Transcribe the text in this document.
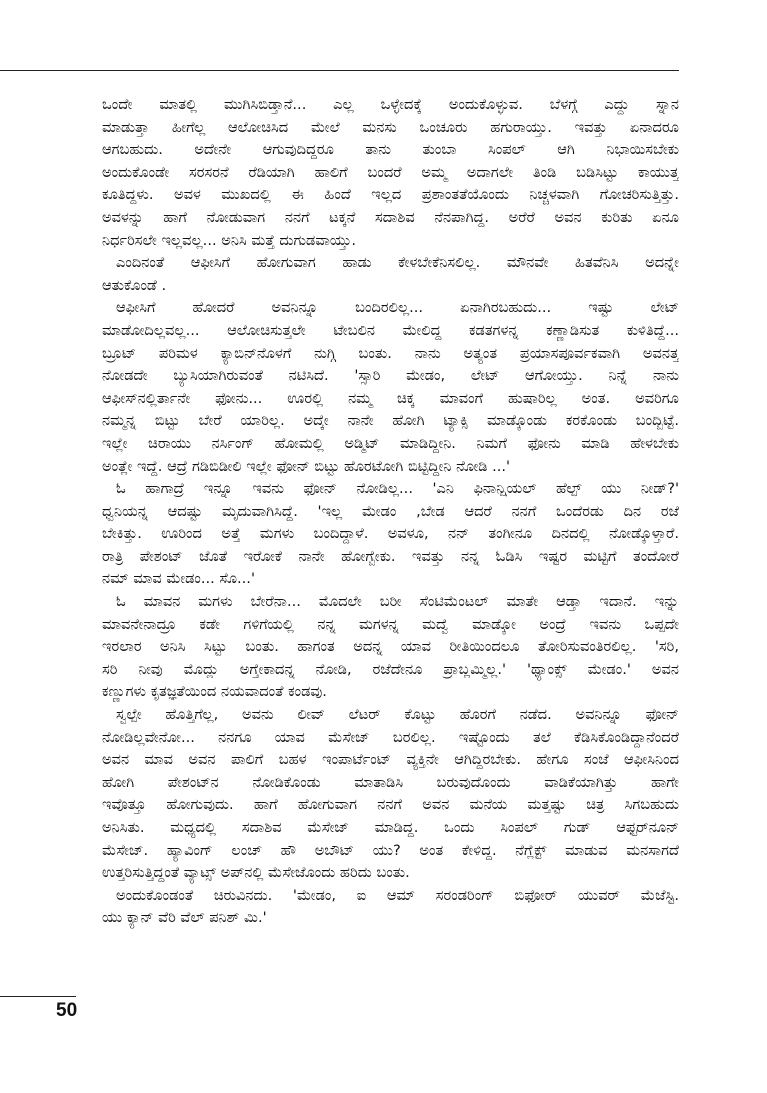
ಒಂದೇ ಮಾತಲ್ಲಿ ಮುಗಿಸಿಬಿಡ್ತಾನೆ... ಎಲ್ಲ ಒಳ್ಳೇದಕ್ಕೆ ಅಂದುಕೊಳ್ಳುವ. ಬೆಳಗ್ಗೆ ಎದ್ದು ಸ್ನಾನ
ಮಾಡುತ್ತಾ ಹೀಗೆಲ್ಲ ಆಲೋಚಿಸಿದ ಮೇಲೆ ಮನಸು ಒಂಚೂರು ಹಗುರಾಯ್ತು. ಇವತ್ತು ಏನಾದರೂ
ಆಗಬಹುದು. ಅದೇನೇ ಆಗುವುದಿದ್ದರೂ ತಾನು ತುಂಬಾ ಸಿಂಪಲ್ ಆಗಿ ನಿಭಾಯಿಸಬೇಕು
ಅಂದುಕೊಂಡೇ ಸರಸರನೆ ರೆಡಿಯಾಗಿ ಹಾಲಿಗೆ ಬಂದರೆ ಅಮ್ಮ ಅದಾಗಲೇ ತಿಂಡಿ ಬಡಿಸಿಟ್ಟು ಕಾಯುತ್ತ
ಕೂತಿದ್ದಳು. ಅವಳ ಮುಖದಲ್ಲಿ ಈ ಹಿಂದೆ ಇಲ್ಲದ ಪ್ರಶಾಂತತೆಯೊಂದು ನಿಚ್ಚಳವಾಗಿ ಗೋಚರಿಸುತ್ತಿತ್ತು.
ಅವಳನ್ನು ಹಾಗೆ ನೋಡುವಾಗ ನನಗೆ ಟಕ್ಕನೆ ಸದಾಶಿವ ನೆನಪಾಗಿದ್ದ. ಅರೆರೆ ಅವನ ಕುರಿತು ಏನೂ
ನಿರ್ಧರಿಸಲೇ ಇಲ್ಲವಲ್ಲ... ಅನಿಸಿ ಮತ್ತೆ ದುಗುಡವಾಯ್ತು.
ಎಂದಿನಂತೆ ಆಫೀಸಿಗೆ ಹೋಗುವಾಗ ಹಾಡು ಕೇಳಬೇಕೆನಿಸಲಿಲ್ಲ. ಮೌನವೇ ಹಿತವೆನಿಸಿ ಅದನ್ನೇ
ಆತುಕೊಂಡೆ .
ಆಫೀಸಿಗೆ ಹೋದರೆ ಅವನಿನ್ನೂ ಬಂದಿರಲಿಲ್ಲ... ಏನಾಗಿರಬಹುದು... ಇಷ್ಟು ಲೇಟ್
ಮಾಡೋದಿಲ್ಲವಲ್ಲ... ಆಲೋಚಿಸುತ್ತಲೇ ಟೇಬಲಿನ ಮೇಲಿದ್ದ ಕಡತಗಳನ್ನ ಕಣ್ಣಾಡಿಸುತ ಕುಳಿತಿದ್ದೆ...
ಬ್ರೂಟ್ ಪರಿಮಳ ಕ್ಯಾಬಿನ್‌ನೊಳಗೆ ನುಗ್ಗಿ ಬಂತು. ನಾನು ಅತ್ಯಂತ ಪ್ರಯಾಸಪೂರ್ವಕವಾಗಿ ಅವನತ್ತ
ನೋಡದೇ ಬ್ಯುಸಿಯಾಗಿರುವಂತೆ ನಟಿಸಿದೆ. 'ಸ್ಸಾರಿ ಮೇಡಂ, ಲೇಟ್ ಆಗೋಯ್ತು. ನಿನ್ನೆ ನಾನು
ಆಫೀಸ್‌ನಲ್ಲಿರ್ತಾನೇ ಫೋನು... ಊರಲ್ಲಿ ನಮ್ಮ ಚಿಕ್ಕ ಮಾವಂಗೆ ಹುಷಾರಿಲ್ಲ ಅಂತ. ಅವರಿಗೂ
ನಮ್ಮನ್ನ ಬಿಟ್ಟು ಬೇರೆ ಯಾರಿಲ್ಲ. ಅದ್ಕೇ ನಾನೇ ಹೋಗಿ ಟ್ಯಾಕ್ಸಿ ಮಾಡ್ಕೊಂಡು ಕರಕೊಂಡು ಬಂದ್ಬಿಟ್ಟೆ.
ಇಲ್ಲೇ ಚಿರಾಯು ನರ್ಸಿಂಗ್ ಹೋಮಲ್ಲಿ ಅಡ್ಮಿಟ್ ಮಾಡಿದ್ದೀನಿ. ನಿಮಗೆ ಫೋನು ಮಾಡಿ ಹೇಳಬೇಕು
ಅಂತ್ಲೇ ಇದ್ದೆ. ಆದ್ರೆ ಗಡಿಬಿಡೀಲಿ ಇಲ್ಲೇ ಫೋನ್ ಬಿಟ್ಟು ಹೊರಟೋಗಿ ಬಿಟ್ಟಿದ್ದೀನಿ ನೋಡಿ ...'
ಓ ಹಾಗಾದ್ರೆ ಇನ್ನೂ ಇವನು ಫೋನ್ ನೋಡಿಲ್ಲ... 'ಎನಿ ಫಿನಾನ್ಷಿಯಲ್ ಹೆಲ್ಪ್ ಯು ನೀಡ್?'
ಧ್ವನಿಯನ್ನ ಆದಷ್ಟು ಮೃದುವಾಗಿಸಿದ್ದೆ. 'ಇಲ್ಲ ಮೇಡಂ ,ಬೇಡ ಆದರೆ ನನಗೆ ಒಂದೆರಡು ದಿನ ರಜೆ
ಬೇಕಿತ್ತು. ಊರಿಂದ ಅತ್ತೆ ಮಗಳು ಬಂದಿದ್ದಾಳೆ. ಅವಳೂ, ನನ್ ತಂಗೀನೂ ದಿನದಲ್ಲಿ ನೋಡ್ಕೊಳ್ತಾರೆ.
ರಾತ್ರಿ ಪೇಶಂಟ್ ಜೊತೆ ಇರೋಕೆ ನಾನೇ ಹೋಗ್ಬೇಕು. ಇವತ್ತು ನನ್ನ ಓಡಿಸಿ ಇಷ್ಟರ ಮಟ್ಟಿಗೆ ತಂದೋರೆ
ನಮ್ ಮಾವ ಮೇಡಂ... ಸೊ...'
ಓ ಮಾವನ ಮಗಳು ಬೇರೆನಾ... ಮೊದಲೇ ಬರೀ ಸೆಂಟಿಮೆಂಟಲ್ ಮಾತೇ ಆಡ್ತಾ ಇದಾನೆ. ಇನ್ನು
ಮಾವನೇನಾದ್ರೂ ಕಡೇ ಗಳಿಗೆಯಲ್ಲಿ ನನ್ನ ಮಗಳನ್ನ ಮದ್ವೆ ಮಾಡ್ಕೋ ಅಂದ್ರೆ ಇವನು ಒಪ್ಪದೇ
ಇರಲಾರ ಅನಿಸಿ ಸಿಟ್ಟು ಬಂತು. ಹಾಗಂತ ಅದನ್ನ ಯಾವ ರೀತಿಯಿಂದಲೂ ತೋರಿಸುವಂತಿರಲಿಲ್ಲ. 'ಸರಿ,
ಸರಿ ನೀವು ಮೊದ್ಲು ಅಗ್ತೇಕಾದನ್ನ ನೋಡಿ, ರಜೆದೇನೂ ಪ್ರಾಬ್ಲಮ್ಮಿಲ್ಲ.' 'ಥ್ಯಾಂಕ್ಸ್ ಮೇಡಂ.' ಅವನ
ಕಣ್ಣುಗಳು ಕೃತಜ್ಞತೆಯಿಂದ ನಯವಾದಂತೆ ಕಂಡವು.
ಸ್ವಲ್ಪೇ ಹೊತ್ತಿಗೆಲ್ಲ, ಅವನು ಲೀವ್ ಲೆಟರ್ ಕೊಟ್ಟು ಹೊರಗೆ ನಡೆದ. ಅವನಿನ್ನೂ ಫೋನ್
ನೋಡಿಲ್ಲವೇನೋ... ನನಗೂ ಯಾವ ಮೆಸೇಜ್ ಬರಲಿಲ್ಲ. ಇಷ್ಟೊಂದು ತಲೆ ಕೆಡಿಸಿಕೊಂಡಿದ್ದಾನೆಂದರೆ
ಅವನ ಮಾವ ಅವನ ಪಾಲಿಗೆ ಬಹಳ ಇಂಪಾರ್ಟೆಂಟ್ ವ್ಯಕ್ತಿನೇ ಆಗಿದ್ದಿರಬೇಕು. ಹೇಗೂ ಸಂಜೆ ಆಫೀಸಿನಿಂದ
ಹೋಗಿ ಪೇಶಂಟ್‌ನ ನೋಡಿಕೊಂಡು ಮಾತಾಡಿಸಿ ಬರುವುದೊಂದು ವಾಡಿಕೆಯಾಗಿತ್ತು ಹಾಗೇ
ಇವೊತ್ತೂ ಹೋಗುವುದು. ಹಾಗೆ ಹೋಗುವಾಗ ನನಗೆ ಅವನ ಮನೆಯ ಮತ್ತಷ್ಟು ಚಿತ್ರ ಸಿಗಬಹುದು
ಅನಿಸಿತು. ಮಧ್ಯದಲ್ಲಿ ಸದಾಶಿವ ಮೆಸೇಜ್ ಮಾಡಿದ್ದ. ಒಂದು ಸಿಂಪಲ್ ಗುಡ್ ಆಫ್ಟರ್‌ನೂನ್
ಮೆಸೇಜ್. ಹ್ಯಾವಿಂಗ್ ಲಂಚ್ ಹೌ ಅಬೌಟ್ ಯು? ಅಂತ ಕೇಳಿದ್ದ. ನೆಗ್ಲೆಕ್ಟ್ ಮಾಡುವ ಮನಸಾಗದೆ
ಉತ್ತರಿಸುತ್ತಿದ್ದಂತೆ ವ್ಯಾಟ್ಸ್ ಅಪ್‌ನಲ್ಲಿ ಮೆಸೇಜೊಂದು ಹರಿದು ಬಂತು.
ಅಂದುಕೊಂಡಂತೆ ಚಿರುವಿನದು. 'ಮೇಡಂ, ಐ ಆಮ್ ಸರಂಡರಿಂಗ್ ಬಿಫೋರ್ ಯುವರ್ ಮೆಜೆಸ್ಟಿ.
ಯು ಕ್ಯಾನ್ ವೆರಿ ವೆಲ್ ಪನಿಶ್ ಮಿ.'
50
